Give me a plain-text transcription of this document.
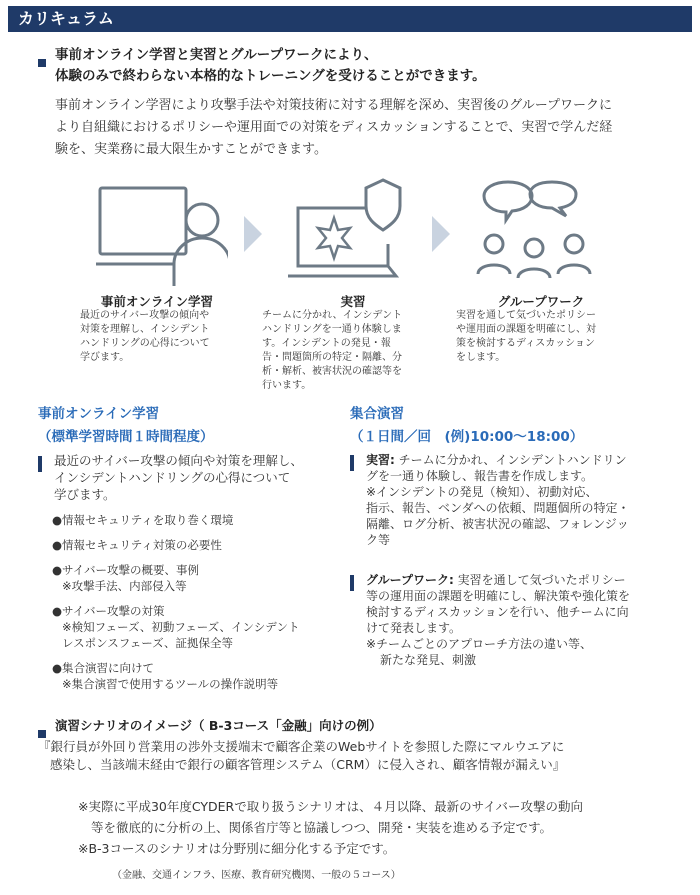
カリキュラム
事前オンライン学習と実習とグループワークにより、
体験のみで終わらない本格的なトレーニングを受けることができます。
事前オンライン学習により攻撃手法や対策技術に対する理解を深め、実習後のグループワークに
より自組織におけるポリシーや運用面での対策をディスカッションすることで、実習で学んだ経
験を、実業務に最大限生かすことができます。
事前オンライン学習	実習	グループワーク
最近のサイバー攻撃の傾向や
対策を理解し、インシデント
ハンドリングの心得について
学びます。
チームに分かれ、インシデント
ハンドリングを一通り体験しま
す。インシデントの発見・報
告・問題箇所の特定・隔離、分
析・解析、被害状況の確認等を
行います。
実習を通して気づいたポリシー
や運用面の課題を明確にし、対
策を検討するディスカッション
をします。
事前オンライン学習
（標準学習時間１時間程度）
最近のサイバー攻撃の傾向や対策を理解し、
インシデントハンドリングの心得について
学びます。
●情報セキュリティを取り巻く環境
●情報セキュリティ対策の必要性
●サイバー攻撃の概要、事例
※攻撃手法、内部侵入等
●サイバー攻撃の対策
※検知フェーズ、初動フェーズ、インシデント
レスポンスフェーズ、証拠保全等
●集合演習に向けて
※集合演習で使用するツールの操作説明等
集合演習
（１日間／回　(例)10:00～18:00）
実習: チームに分かれ、インシデントハンドリン
グを一通り体験し、報告書を作成します。
※インシデントの発見（検知）、初動対応、
指示、報告、ベンダへの依頼、問題個所の特定・
隔離、ログ分析、被害状況の確認、フォレンジッ
ク等
グループワーク: 実習を通して気づいたポリシー
等の運用面の課題を明確にし、解決策や強化策を
検討するディスカッションを行い、他チームに向
けて発表します。
※チームごとのアプローチ方法の違い等、
新たな発見、刺激
演習シナリオのイメージ（ B-3コース「金融」向けの例）
『銀行員が外回り営業用の渉外支援端末で顧客企業のWebサイトを参照した際にマルウエアに
感染し、当該端末経由で銀行の顧客管理システム（CRM）に侵入され、顧客情報が漏えい』
※実際に平成30年度CYDERで取り扱うシナリオは、４月以降、最新のサイバー攻撃の動向
等を徹底的に分析の上、関係省庁等と協議しつつ、開発・実装を進める予定です。
※B-3コースのシナリオは分野別に細分化する予定です。
（金融、交通インフラ、医療、教育研究機関、一般の５コース）
